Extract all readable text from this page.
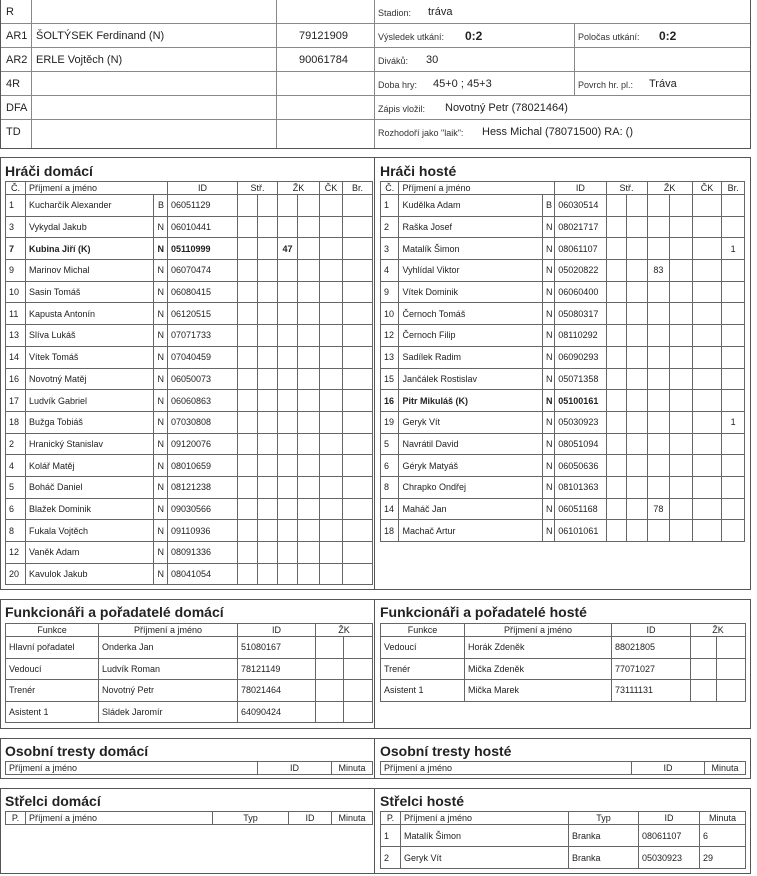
R
AR1 ŠOLTÝSEK Ferdinand (N)	79121909
AR2 ERLE Vojtěch (N)	90061784
4R
DFA
TD
Stadion: tráva
Výsledek utkání: 0:2	Poločas utkání: 0:2
Diváků: 30
Doba hry: 45+0 ; 45+3	Povrch hr. pl.: Tráva
Zápis vložil: Novotný Petr (78021464)
Rozhodoří jako "laik": Hess Michal (78071500) RA: ()
Hráči domácí	Hráči hosté
Č.	Příjmení a jméno		ID	Stř.		ŽK		ČK	Br.
1	Kucharčík Alexander	B	06051129						
3	Vykydal Jakub	N	06010441						
7	Kubina Jiří (K)	N	05110999			47			
9	Marinov Michal	N	06070474						
10	Sasin Tomáš	N	06080415						
11	Kapusta Antonín	N	06120515						
13	Slíva Lukáš	N	07071733						
14	Vítek Tomáš	N	07040459						
16	Novotný Matěj	N	06050073						
17	Ludvík Gabriel	N	06060863						
18	Bužga Tobiáš	N	07030808						
2	Hranický Stanislav	N	09120076						
4	Kolář Matěj	N	08010659						
5	Boháč Daniel	N	08121238						
6	Blažek Dominik	N	09030566						
8	Fukala Vojtěch	N	09110936						
12	Vaněk Adam	N	08091336						
20	Kavulok Jakub	N	08041054						
Č.	Příjmení a jméno		ID	Stř.		ŽK		ČK	Br.
1	Kudělka Adam	B	06030514						
2	Raška Josef	N	08021717						
3	Matalík Šimon	N	08061107						1
4	Vyhlídal Viktor	N	05020822			83			
9	Vítek Dominik	N	06060400						
10	Černoch Tomáš	N	05080317						
12	Černoch Filip	N	08110292						
13	Sadílek Radim	N	06090293						
15	Jančálek Rostislav	N	05071358						
16	Pitr Mikuláš (K)	N	05100161						
19	Geryk Vít	N	05030923						1
5	Navrátil David	N	08051094						
6	Géryk Matyáš	N	06050636						
8	Chrapko Ondřej	N	08101363						
14	Maháč Jan	N	06051168			78			
18	Machač Artur	N	06101061						
Funkcionáři a pořadatelé domácí	Funkcionáři a pořadatelé hosté
Funkce	Příjmení a jméno	ID	ŽK	
Hlavní pořadatel	Onderka Jan	51080167		
Vedoucí	Ludvík Roman	78121149		
Trenér	Novotný Petr	78021464		
Asistent 1	Sládek Jaromír	64090424		
Funkce	Příjmení a jméno	ID	ŽK	
Vedoucí	Horák Zdeněk	88021805		
Trenér	Mička Zdeněk	77071027		
Asistent 1	Mička Marek	73111131		
Osobní tresty domácí	Osobní tresty hosté
Příjmení a jméno	ID	Minuta Příjmení a jméno	ID	Minuta
Střelci domácí	Střelci hosté
P.	Příjmení a jméno	Typ	ID	Minuta P.	Příjmení a jméno	Typ	ID	Minuta
1	Matalík Šimon	Branka	08061107	6
2	Geryk Vít	Branka	05030923	29
